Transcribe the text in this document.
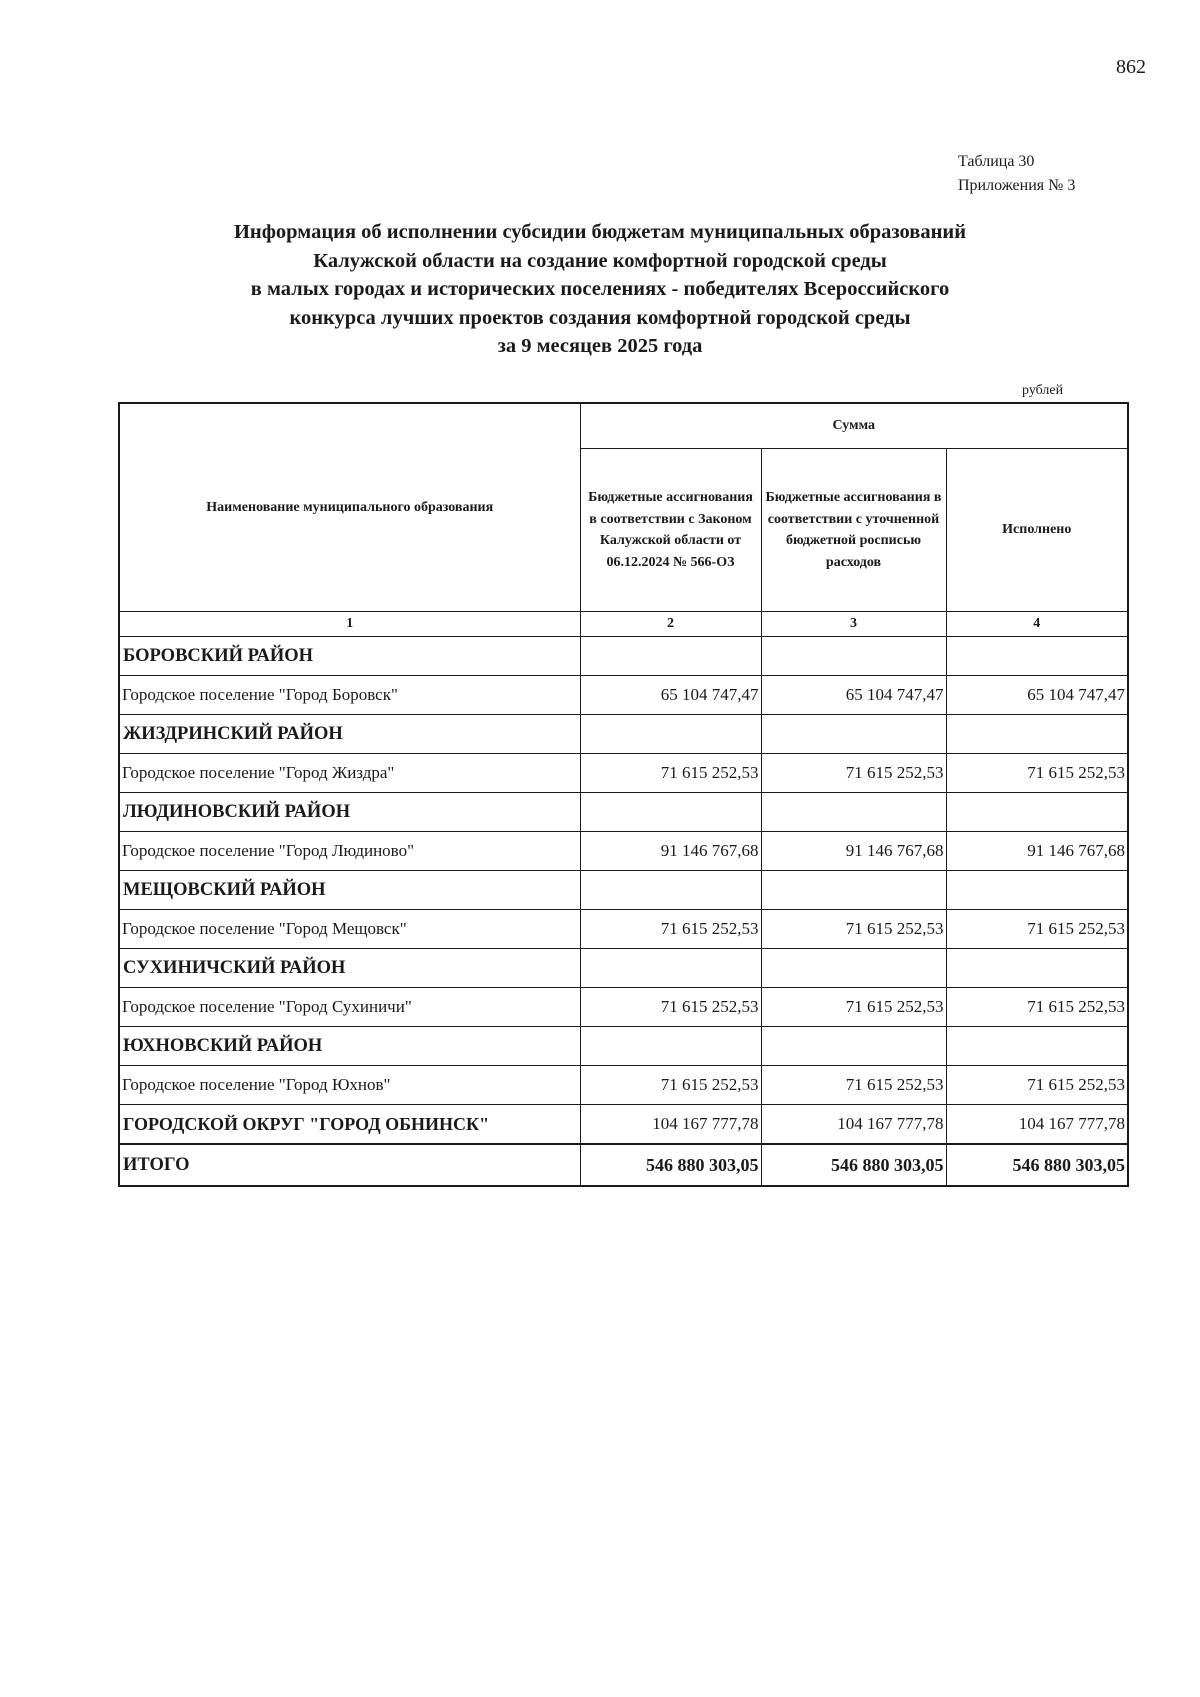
862
Таблица 30
Приложения № 3
Информация об исполнении субсидии бюджетам муниципальных образований
Калужской области на создание комфортной городской среды
в малых городах и исторических поселениях - победителях Всероссийского
конкурса лучших проектов создания комфортной городской среды
за 9 месяцев 2025 года
рублей
Наименование муниципального образования	Сумма		
	Бюджетные ассигнования в соответствии с Законом Калужской области от 06.12.2024 № 566-ОЗ	Бюджетные ассигнования в соответствии с уточненной бюджетной росписью расходов	Исполнено
1	2	3	4
БОРОВСКИЙ РАЙОН			
Городское поселение "Город Боровск"	65 104 747,47	65 104 747,47	65 104 747,47
ЖИЗДРИНСКИЙ РАЙОН			
Городское поселение "Город Жиздра"	71 615 252,53	71 615 252,53	71 615 252,53
ЛЮДИНОВСКИЙ РАЙОН			
Городское поселение "Город Людиново"	91 146 767,68	91 146 767,68	91 146 767,68
МЕЩОВСКИЙ РАЙОН			
Городское поселение "Город Мещовск"	71 615 252,53	71 615 252,53	71 615 252,53
СУХИНИЧСКИЙ РАЙОН			
Городское поселение "Город Сухиничи"	71 615 252,53	71 615 252,53	71 615 252,53
ЮХНОВСКИЙ РАЙОН			
Городское поселение "Город Юхнов"	71 615 252,53	71 615 252,53	71 615 252,53
ГОРОДСКОЙ ОКРУГ "ГОРОД ОБНИНСК"	104 167 777,78	104 167 777,78	104 167 777,78
ИТОГО	546 880 303,05	546 880 303,05	546 880 303,05
